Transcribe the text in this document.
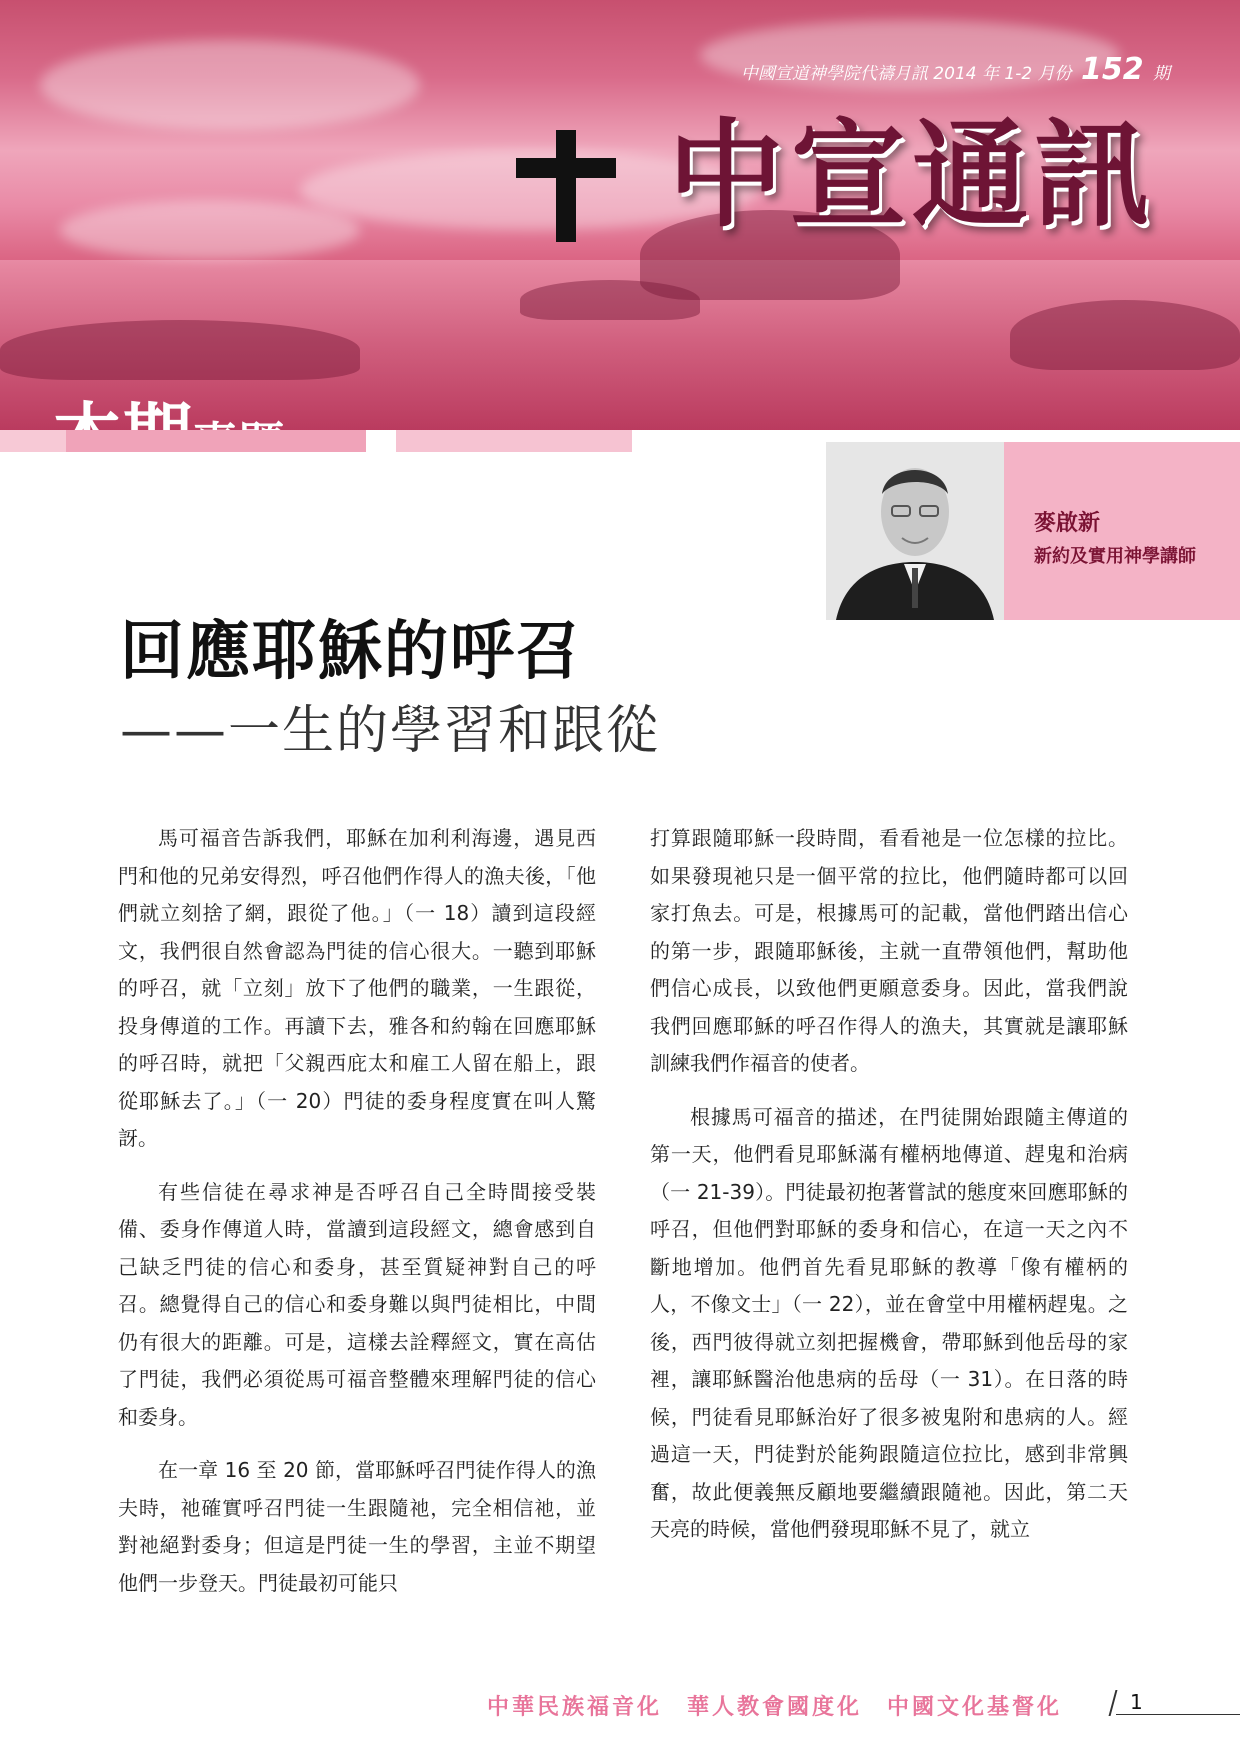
中國宣道神學院代禱月訊 2014 年 1-2 月份 152 期
中宣通訊
麥啟新
新約及實用神學講師
回應耶穌的呼召
——一生的學習和跟從

馬可福音告訴我們，耶穌在加利利海邊，遇見西門和他的兄弟安得烈，呼召他們作得人的漁夫後，「他們就立刻捨了網，跟從了他。」（一 18）讀到這段經文，我們很自然會認為門徒的信心很大。一聽到耶穌的呼召，就「立刻」放下了他們的職業，一生跟從，投身傳道的工作。再讀下去，雅各和約翰在回應耶穌的呼召時，就把「父親西庇太和雇工人留在船上，跟從耶穌去了。」（一 20）門徒的委身程度實在叫人驚訝。

有些信徒在尋求神是否呼召自己全時間接受裝備、委身作傳道人時，當讀到這段經文，總會感到自己缺乏門徒的信心和委身，甚至質疑神對自己的呼召。總覺得自己的信心和委身難以與門徒相比，中間仍有很大的距離。可是，這樣去詮釋經文，實在高估了門徒，我們必須從馬可福音整體來理解門徒的信心和委身。

在一章 16 至 20 節，當耶穌呼召門徒作得人的漁夫時，祂確實呼召門徒一生跟隨祂，完全相信祂，並對祂絕對委身；但這是門徒一生的學習，主並不期望他們一步登天。門徒最初可能只

打算跟隨耶穌一段時間，看看祂是一位怎樣的拉比。如果發現祂只是一個平常的拉比，他們隨時都可以回家打魚去。可是，根據馬可的記載，當他們踏出信心的第一步，跟隨耶穌後，主就一直帶領他們，幫助他們信心成長，以致他們更願意委身。因此，當我們說我們回應耶穌的呼召作得人的漁夫，其實就是讓耶穌訓練我們作福音的使者。

根據馬可福音的描述，在門徒開始跟隨主傳道的第一天，他們看見耶穌滿有權柄地傳道、趕鬼和治病（一 21-39）。門徒最初抱著嘗試的態度來回應耶穌的呼召，但他們對耶穌的委身和信心，在這一天之內不斷地增加。他們首先看見耶穌的教導「像有權柄的人，不像文士」（一 22），並在會堂中用權柄趕鬼。之後，西門彼得就立刻把握機會，帶耶穌到他岳母的家裡，讓耶穌醫治他患病的岳母（一 31）。在日落的時候，門徒看見耶穌治好了很多被鬼附和患病的人。經過這一天，門徒對於能夠跟隨這位拉比，感到非常興奮，故此便義無反顧地要繼續跟隨祂。因此，第二天天亮的時候，當他們發現耶穌不見了，就立

中華民族福音化　華人教會國度化　中國文化基督化	1
